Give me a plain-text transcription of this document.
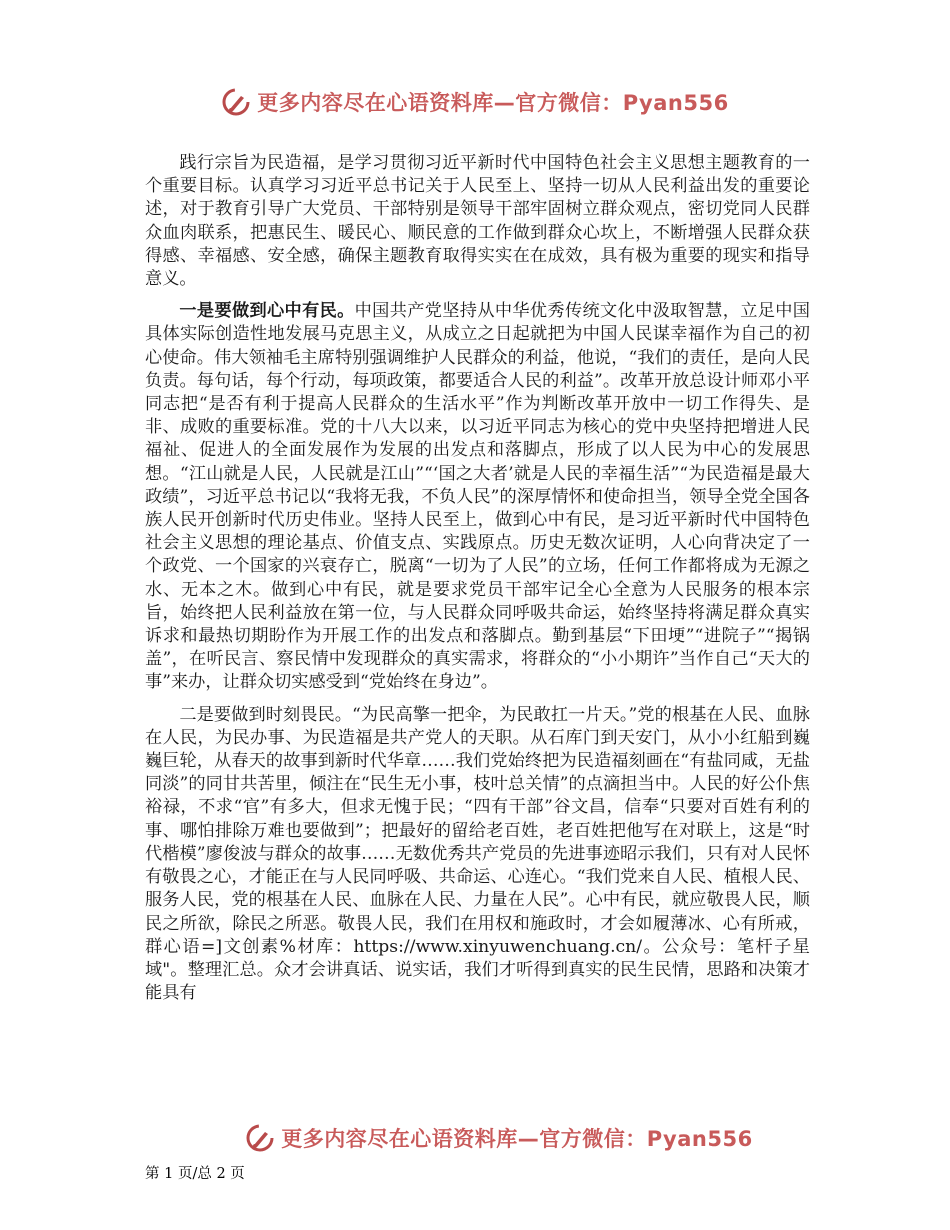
更多内容尽在心语资料库—官方微信：Pyan556

践行宗旨为民造福，是学习贯彻习近平新时代中国特色社会主义思想主题教育的一个重要目标。认真学习习近平总书记关于人民至上、坚持一切从人民利益出发的重要论述，对于教育引导广大党员、干部特别是领导干部牢固树立群众观点，密切党同人民群众血肉联系，把惠民生、暖民心、顺民意的工作做到群众心坎上，不断增强人民群众获得感、幸福感、安全感，确保主题教育取得实实在在成效，具有极为重要的现实和指导意义。

一是要做到心中有民。中国共产党坚持从中华优秀传统文化中汲取智慧，立足中国具体实际创造性地发展马克思主义，从成立之日起就把为中国人民谋幸福作为自己的初心使命。伟大领袖毛主席特别强调维护人民群众的利益，他说，“我们的责任，是向人民负责。每句话，每个行动，每项政策，都要适合人民的利益”。改革开放总设计师邓小平同志把“是否有利于提高人民群众的生活水平”作为判断改革开放中一切工作得失、是非、成败的重要标准。党的十八大以来，以习近平同志为核心的党中央坚持把增进人民福祉、促进人的全面发展作为发展的出发点和落脚点，形成了以人民为中心的发展思想。“江山就是人民，人民就是江山”“‘国之大者’就是人民的幸福生活”“为民造福是最大政绩”，习近平总书记以“我将无我，不负人民”的深厚情怀和使命担当，领导全党全国各族人民开创新时代历史伟业。坚持人民至上，做到心中有民，是习近平新时代中国特色社会主义思想的理论基点、价值支点、实践原点。历史无数次证明，人心向背决定了一个政党、一个国家的兴衰存亡，脱离“一切为了人民”的立场，任何工作都将成为无源之水、无本之木。做到心中有民，就是要求党员干部牢记全心全意为人民服务的根本宗旨，始终把人民利益放在第一位，与人民群众同呼吸共命运，始终坚持将满足群众真实诉求和最热切期盼作为开展工作的出发点和落脚点。勤到基层“下田埂”“进院子”“揭锅盖”，在听民言、察民情中发现群众的真实需求，将群众的“小小期许”当作自己“天大的事”来办，让群众切实感受到“党始终在身边”。

二是要做到时刻畏民。“为民高擎一把伞，为民敢扛一片天。”党的根基在人民、血脉在人民，为民办事、为民造福是共产党人的天职。从石库门到天安门，从小小红船到巍巍巨轮，从春天的故事到新时代华章……我们党始终把为民造福刻画在“有盐同咸，无盐同淡”的同甘共苦里，倾注在“民生无小事，枝叶总关情”的点滴担当中。人民的好公仆焦裕禄，不求“官”有多大，但求无愧于民；“四有干部”谷文昌，信奉“只要对百姓有利的事、哪怕排除万难也要做到”；把最好的留给老百姓，老百姓把他写在对联上，这是“时代楷模”廖俊波与群众的故事……无数优秀共产党员的先进事迹昭示我们，只有对人民怀有敬畏之心，才能正在与人民同呼吸、共命运、心连心。“我们党来自人民、植根人民、服务人民，党的根基在人民、血脉在人民、力量在人民”。心中有民，就应敬畏人民，顺民之所欲，除民之所恶。敬畏人民，我们在用权和施政时，才会如履薄冰、心有所戒，群心语=]文创素%材库：https://www.xinyuwenchuang.cn/。公众号：笔杆子星域"。整理汇总。众才会讲真话、说实话，我们才听得到真实的民生民情，思路和决策才能具有

更多内容尽在心语资料库—官方微信：Pyan556
第 1 页/总 2 页
